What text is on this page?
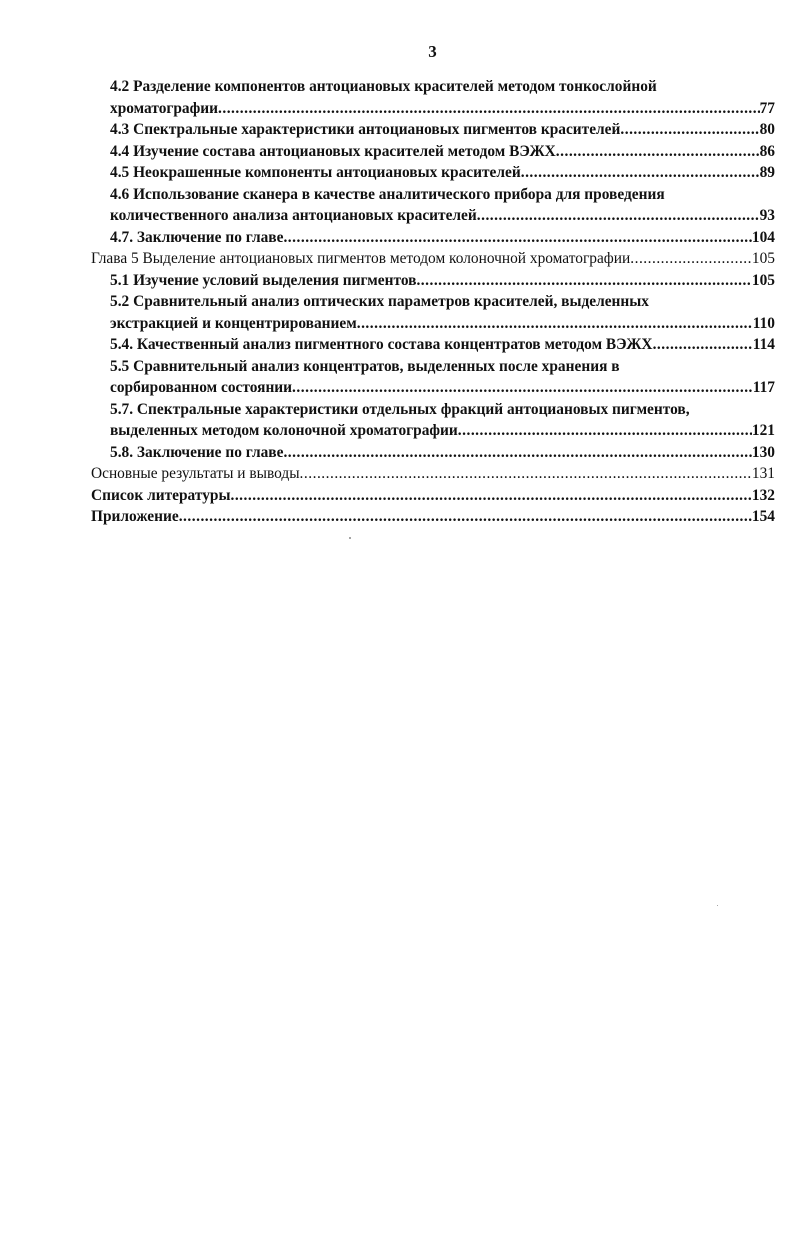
3
4.2 Разделение компонентов антоциановых красителей методом тонкослойной
хроматографии .....	77
4.3 Спектральные характеристики антоциановых пигментов красителей .....	80
4.4 Изучение состава антоциановых красителей методом ВЭЖХ .....	86
4.5 Неокрашенные компоненты антоциановых красителей .....	89
4.6 Использование сканера в качестве аналитического прибора для проведения
количественного анализа антоциановых красителей .....	93
4.7. Заключение по главе .....	104
Глава 5 Выделение антоциановых пигментов методом колоночной хроматографии .....	105
5.1 Изучение условий выделения пигментов .....	105
5.2 Сравнительный анализ оптических параметров красителей, выделенных
экстракцией и концентрированием .....	110
5.4. Качественный анализ пигментного состава концентратов методом ВЭЖХ .....	114
5.5 Сравнительный анализ концентратов, выделенных после хранения в
сорбированном состоянии .....	117
5.7. Спектральные характеристики отдельных фракций антоциановых пигментов,
выделенных методом колоночной хроматографии .....	121
5.8. Заключение по главе .....	130
Основные результаты и выводы .....	131
Список литературы .....	132
Приложение .....	154
